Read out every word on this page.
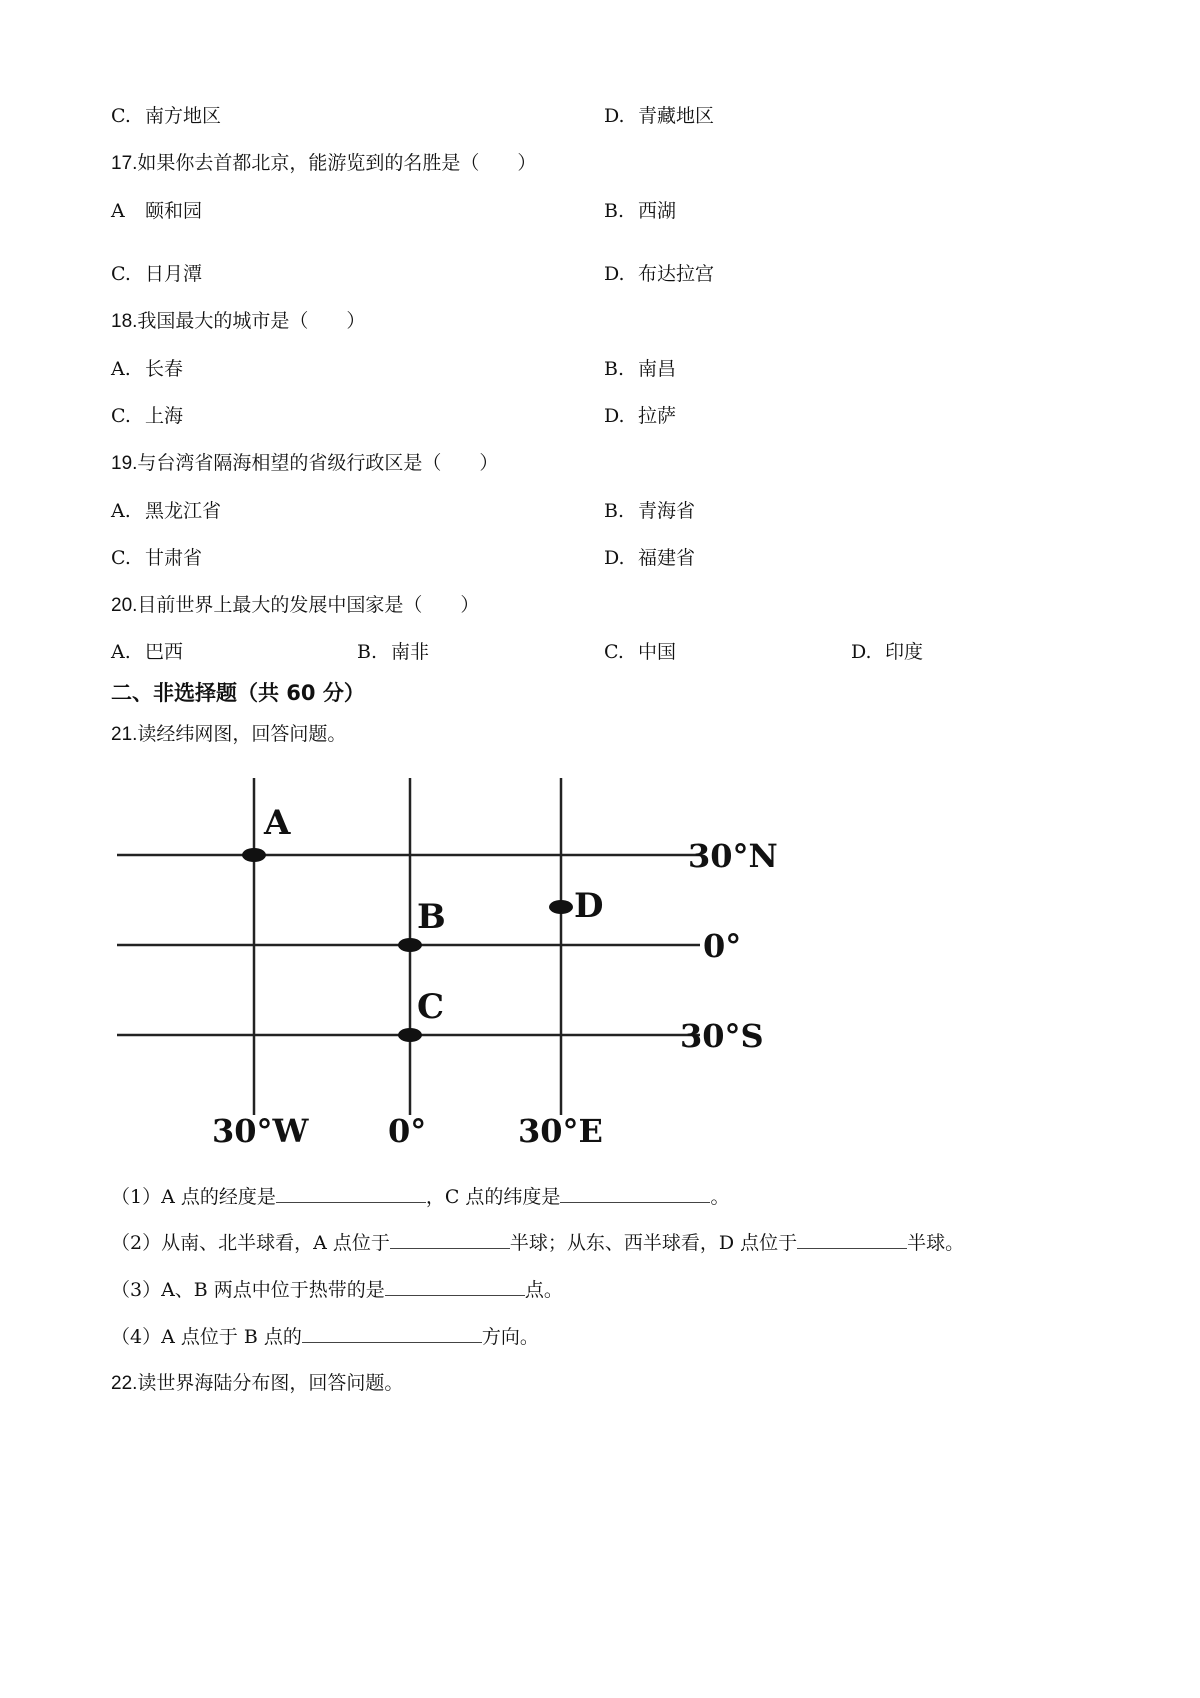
C. 南方地区	D. 青藏地区
17.如果你去首都北京，能游览到的名胜是（　　）
A 颐和园	B. 西湖
C. 日月潭	D. 布达拉宫
18.我国最大的城市是（　　）
A. 长春	B. 南昌
C. 上海	D. 拉萨
19.与台湾省隔海相望的省级行政区是（　　）
A. 黑龙江省	B. 青海省
C. 甘肃省	D. 福建省
20.目前世界上最大的发展中国家是（　　）
A. 巴西	B. 南非	C. 中国	D. 印度
二、非选择题（共 60 分）
21.读经纬网图，回答问题。
30°N
0°
30°S
30°W 0°	30°E
A
B
C
D
（1）A 点的经度是	，C 点的纬度是	。
（2）从南、北半球看，A 点位于	半球；从东、西半球看，D 点位于	半球。
（3）A、B 两点中位于热带的是	点。
（4）A 点位于 B 点的	方向。
22.读世界海陆分布图，回答问题。
